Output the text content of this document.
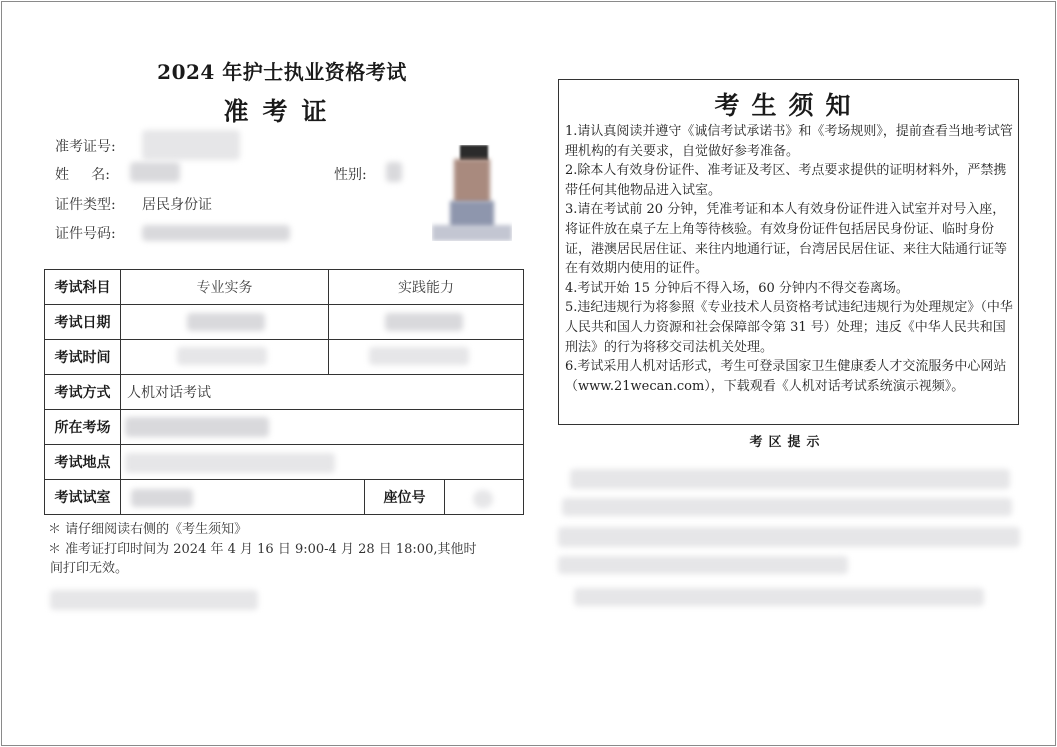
2024 年护士执业资格考试
准考证
准考证号:
姓     名:	性别:
证件类型: 居民身份证
证件号码:
考试科目	专业实务	实践能力		
考试日期			

考试时间			

考试方式	人机对话考试			
所在考场				

考试地点				

考试试室			座位号	
＊ 请仔细阅读右侧的《考生须知》
＊ 准考证打印时间为 2024 年 4 月 16 日 9:00-4 月 28 日 18:00,其他时
间打印无效。
考生须知

1.请认真阅读并遵守《诚信考试承诺书》和《考场规则》，提前查看当地考试管理机构的有关要求，自觉做好参考准备。

2.除本人有效身份证件、准考证及考区、考点要求提供的证明材料外，严禁携带任何其他物品进入试室。

3.请在考试前 20 分钟，凭准考证和本人有效身份证件进入试室并对号入座，将证件放在桌子左上角等待核验。有效身份证件包括居民身份证、临时身份证，港澳居民居住证、来往内地通行证，台湾居民居住证、来往大陆通行证等在有效期内使用的证件。

4.考试开始 15 分钟后不得入场，60 分钟内不得交卷离场。

5.违纪违规行为将参照《专业技术人员资格考试违纪违规行为处理规定》（中华人民共和国人力资源和社会保障部令第 31 号）处理；违反《中华人民共和国刑法》的行为将移交司法机关处理。

6.考试采用人机对话形式，考生可登录国家卫生健康委人才交流服务中心网站（www.21wecan.com），下载观看《人机对话考试系统演示视频》。

考区提示
